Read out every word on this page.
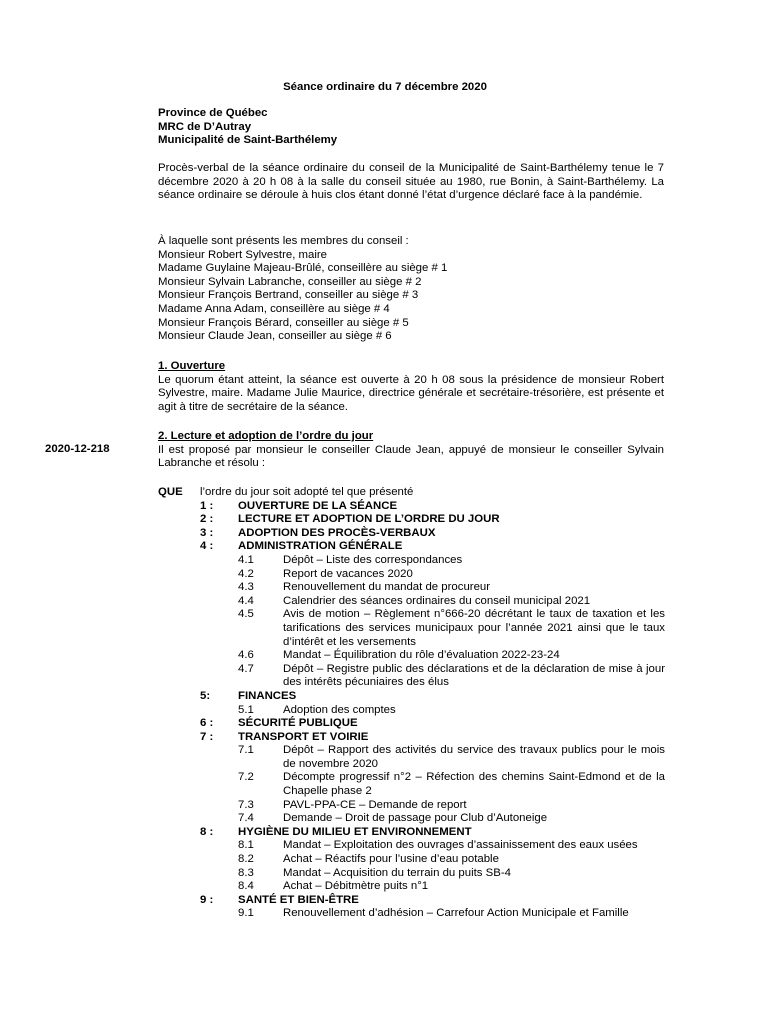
Séance ordinaire du 7 décembre 2020
Province de Québec
MRC de D’Autray
Municipalité de Saint-Barthélemy

Procès-verbal de la séance ordinaire du conseil de la Municipalité de Saint-Barthélemy tenue le 7 décembre 2020 à 20 h 08 à la salle du conseil située au 1980, rue Bonin, à Saint-Barthélemy. La séance ordinaire se déroule à huis clos étant donné l’état d’urgence déclaré face à la pandémie.

À laquelle sont présents les membres du conseil :
Monsieur Robert Sylvestre, maire
Madame Guylaine Majeau-Brûlé, conseillère au siège # 1
Monsieur Sylvain Labranche, conseiller au siège # 2
Monsieur François Bertrand, conseiller au siège # 3
Madame Anna Adam, conseillère au siège # 4
Monsieur François Bérard, conseiller au siège # 5
Monsieur Claude Jean, conseiller au siège # 6
1. Ouverture

Le quorum étant atteint, la séance est ouverte à 20 h 08 sous la présidence de monsieur Robert Sylvestre, maire. Madame Julie Maurice, directrice générale et secrétaire-trésorière, est présente et agit à titre de secrétaire de la séance.

2020-12-218
2. Lecture et adoption de l’ordre du jour

Il est proposé par monsieur le conseiller Claude Jean, appuyé de monsieur le conseiller Sylvain Labranche et résolu :

QUE l’ordre du jour soit adopté tel que présenté
1 :	OUVERTURE DE LA SÉANCE
2 :	LECTURE ET ADOPTION DE L’ORDRE DU JOUR
3 :	ADOPTION DES PROCÈS-VERBAUX
4 :	ADMINISTRATION GÉNÉRALE
4.1	Dépôt – Liste des correspondances
4.2	Report de vacances 2020
4.3	Renouvellement du mandat de procureur
4.4	Calendrier des séances ordinaires du conseil municipal 2021
4.5	Avis de motion – Règlement n°666-20 décrétant le taux de taxation et les tarifications des services municipaux pour l’année 2021 ainsi que le taux d’intérêt et les versements
4.6	Mandat – Équilibration du rôle d’évaluation 2022-23-24
4.7	Dépôt – Registre public des déclarations et de la déclaration de mise à jour des intérêts pécuniaires des élus
5:	FINANCES
5.1	Adoption des comptes
6 :	SÉCURITÉ PUBLIQUE
7 :	TRANSPORT ET VOIRIE
7.1	Dépôt – Rapport des activités du service des travaux publics pour le mois de novembre 2020
7.2	Décompte progressif n°2 – Réfection des chemins Saint-Edmond et de la Chapelle phase 2
7.3	PAVL-PPA-CE – Demande de report
7.4	Demande – Droit de passage pour Club d’Autoneige
8 :	HYGIÈNE DU MILIEU ET ENVIRONNEMENT
8.1	Mandat – Exploitation des ouvrages d’assainissement des eaux usées
8.2	Achat – Réactifs pour l’usine d’eau potable
8.3	Mandat – Acquisition du terrain du puits SB-4
8.4	Achat – Débitmètre puits n°1
9 :	SANTÉ ET BIEN-ÊTRE
9.1	Renouvellement d’adhésion – Carrefour Action Municipale et Famille
